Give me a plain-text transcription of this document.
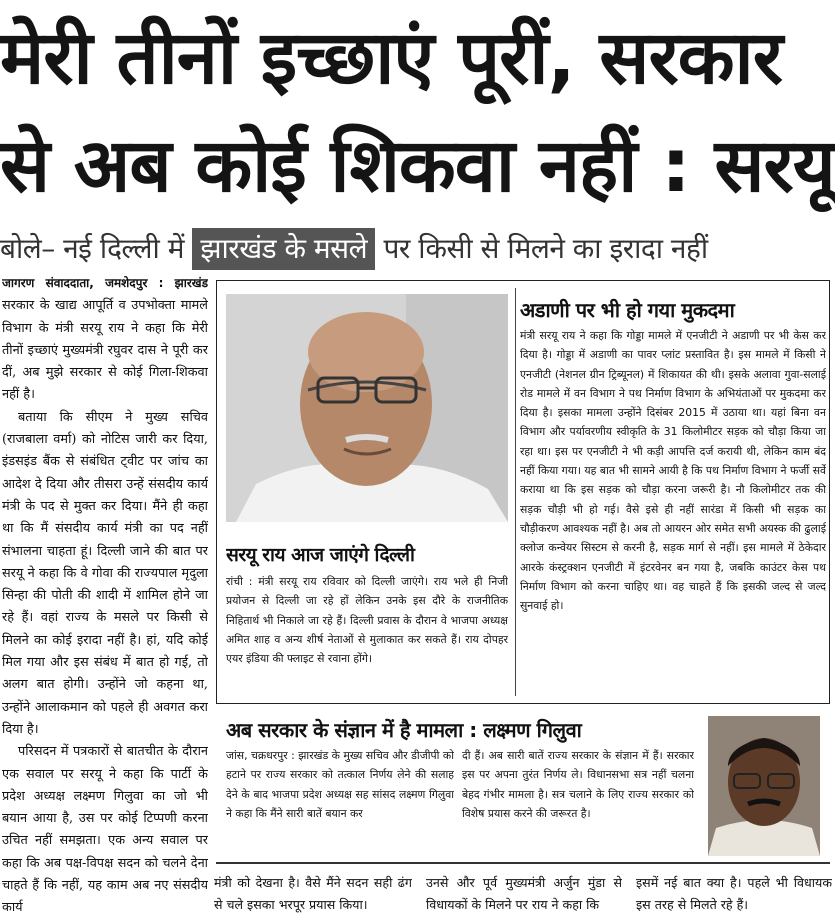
मेरी तीनों इच्छाएं पूरीं, सरकार
से अब कोई शिकवा नहीं : सरयू
बोले– नई दिल्ली में झारखंड के मसले पर किसी से मिलने का इरादा नहीं

जागरण संवाददाता, जमशेदपुर : झारखंड सरकार के खाद्य आपूर्ति व उपभोक्ता मामले विभाग के मंत्री सरयू राय ने कहा कि मेरी तीनों इच्छाएं मुख्यमंत्री रघुवर दास ने पूरी कर दीं, अब मुझे सरकार से कोई गिला-शिकवा नहीं है।

बताया कि सीएम ने मुख्य सचिव (राजबाला वर्मा) को नोटिस जारी कर दिया, इंडसइंड बैंक से संबंधित ट्वीट पर जांच का आदेश दे दिया और तीसरा उन्हें संसदीय कार्य मंत्री के पद से मुक्त कर दिया। मैंने ही कहा था कि मैं संसदीय कार्य मंत्री का पद नहीं संभालना चाहता हूं। दिल्ली जाने की बात पर सरयू ने कहा कि वे गोवा की राज्यपाल मृदुला सिन्हा की पोती की शादी में शामिल होने जा रहे हैं। वहां राज्य के मसले पर किसी से मिलने का कोई इरादा नहीं है। हां, यदि कोई मिल गया और इस संबंध में बात हो गई, तो अलग बात होगी। उन्होंने जो कहना था, उन्होंने आलाकमान को पहले ही अवगत करा दिया है।

परिसदन में पत्रकारों से बातचीत के दौरान एक सवाल पर सरयू ने कहा कि पार्टी के प्रदेश अध्यक्ष लक्ष्मण गिलुवा का जो भी बयान आया है, उस पर कोई टिप्पणी करना उचित नहीं समझता। एक अन्य सवाल पर कहा कि अब पक्ष-विपक्ष सदन को चलने देना चाहते हैं कि नहीं, यह काम अब नए संसदीय कार्य

अडाणी पर भी हो गया मुकदमा
मंत्री सरयू राय ने कहा कि गोड्डा मामले में एनजीटी ने अडाणी पर भी केस कर दिया है। गोड्डा में अडाणी का पावर प्लांट प्रस्तावित है। इस मामले में किसी ने एनजीटी (नेशनल ग्रीन ट्रिब्यूनल) में शिकायत की थी। इसके अलावा गुवा-सलाई रोड मामले में वन विभाग ने पथ निर्माण विभाग के अभियंताओं पर मुकदमा कर दिया है। इसका मामला उन्होंने दिसंबर 2015 में उठाया था। यहां बिना वन विभाग और पर्यावरणीय स्वीकृति के 31 किलोमीटर सड़क को चौड़ा किया जा रहा था। इस पर एनजीटी ने भी कड़ी आपत्ति दर्ज करायी थी, लेकिन काम बंद नहीं किया गया। यह बात भी सामने आयी है कि पथ निर्माण विभाग ने फर्जी सर्वे कराया था कि इस सड़क को चौड़ा करना जरूरी है। नौ किलोमीटर तक की सड़क चौड़ी भी हो गई। वैसे इसे ही नहीं सारंडा में किसी भी सड़क का चौड़ीकरण आवश्यक नहीं है। अब तो आयरन ओर समेत सभी अयस्क की ढुलाई क्लोज कन्वेयर सिस्टम से करनी है, सड़क मार्ग से नहीं। इस मामले में ठेकेदार आरके कंस्ट्रक्शन एनजीटी में इंटरवेनर बन गया है, जबकि काउंटर केस पथ निर्माण विभाग को करना चाहिए था। वह चाहते हैं कि इसकी जल्द से जल्द सुनवाई हो।
सरयू राय आज जाएंगे दिल्ली
रांची : मंत्री सरयू राय रविवार को दिल्ली जाएंगे। राय भले ही निजी प्रयोजन से दिल्ली जा रहे हों लेकिन उनके इस दौरे के राजनीतिक निहितार्थ भी निकाले जा रहे हैं। दिल्ली प्रवास के दौरान वे भाजपा अध्यक्ष अमित शाह व अन्य शीर्ष नेताओं से मुलाकात कर सकते हैं। राय दोपहर एयर इंडिया की फ्लाइट से रवाना होंगे।
अब सरकार के संज्ञान में है मामला : लक्ष्मण गिलुवा
जांस, चक्रधरपुर : झारखंड के मुख्य सचिव और डीजीपी को हटाने पर राज्य सरकार को तत्काल निर्णय लेने की सलाह देने के बाद भाजपा प्रदेश अध्यक्ष सह सांसद लक्ष्मण गिलुवा ने कहा कि मैंने सारी बातें बयान कर
दी हैं। अब सारी बातें राज्य सरकार के संज्ञान में हैं। सरकार इस पर अपना तुरंत निर्णय ले। विधानसभा सत्र नहीं चलना बेहद गंभीर मामला है। सत्र चलाने के लिए राज्य सरकार को विशेष प्रयास करने की जरूरत है।
मंत्री को देखना है। वैसे मैंने सदन सही ढंग से चले इसका भरपूर प्रयास किया।
उनसे और पूर्व मुख्यमंत्री अर्जुन मुंडा से विधायकों के मिलने पर राय ने कहा कि
इसमें नई बात क्या है। पहले भी विधायक इस तरह से मिलते रहे हैं।
